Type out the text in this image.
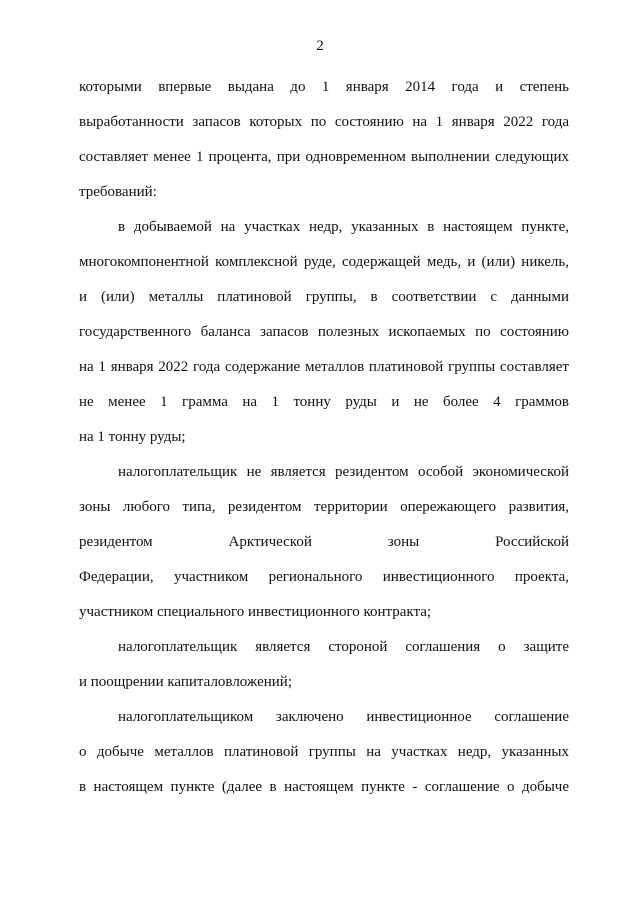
2
которыми впервые выдана до 1 января 2014 года и степень
выработанности запасов которых по состоянию на 1 января 2022 года
составляет менее 1 процента, при одновременном выполнении следующих
требований:
в добываемой на участках недр, указанных в настоящем пункте,
многокомпонентной комплексной руде, содержащей медь, и (или) никель,
и (или) металлы платиновой группы, в соответствии с данными
государственного баланса запасов полезных ископаемых по состоянию
на 1 января 2022 года содержание металлов платиновой группы составляет
не менее 1 грамма на 1 тонну руды и не более 4 граммов
на 1 тонну руды;
налогоплательщик не является резидентом особой экономической
зоны любого типа, резидентом территории опережающего развития,
резидентом Арктической зоны Российской
Федерации, участником регионального инвестиционного проекта,
участником специального инвестиционного контракта;
налогоплательщик является стороной соглашения о защите
и поощрении капиталовложений;
налогоплательщиком заключено инвестиционное соглашение
о добыче металлов платиновой группы на участках недр, указанных
в настоящем пункте (далее в настоящем пункте - соглашение о добыче
